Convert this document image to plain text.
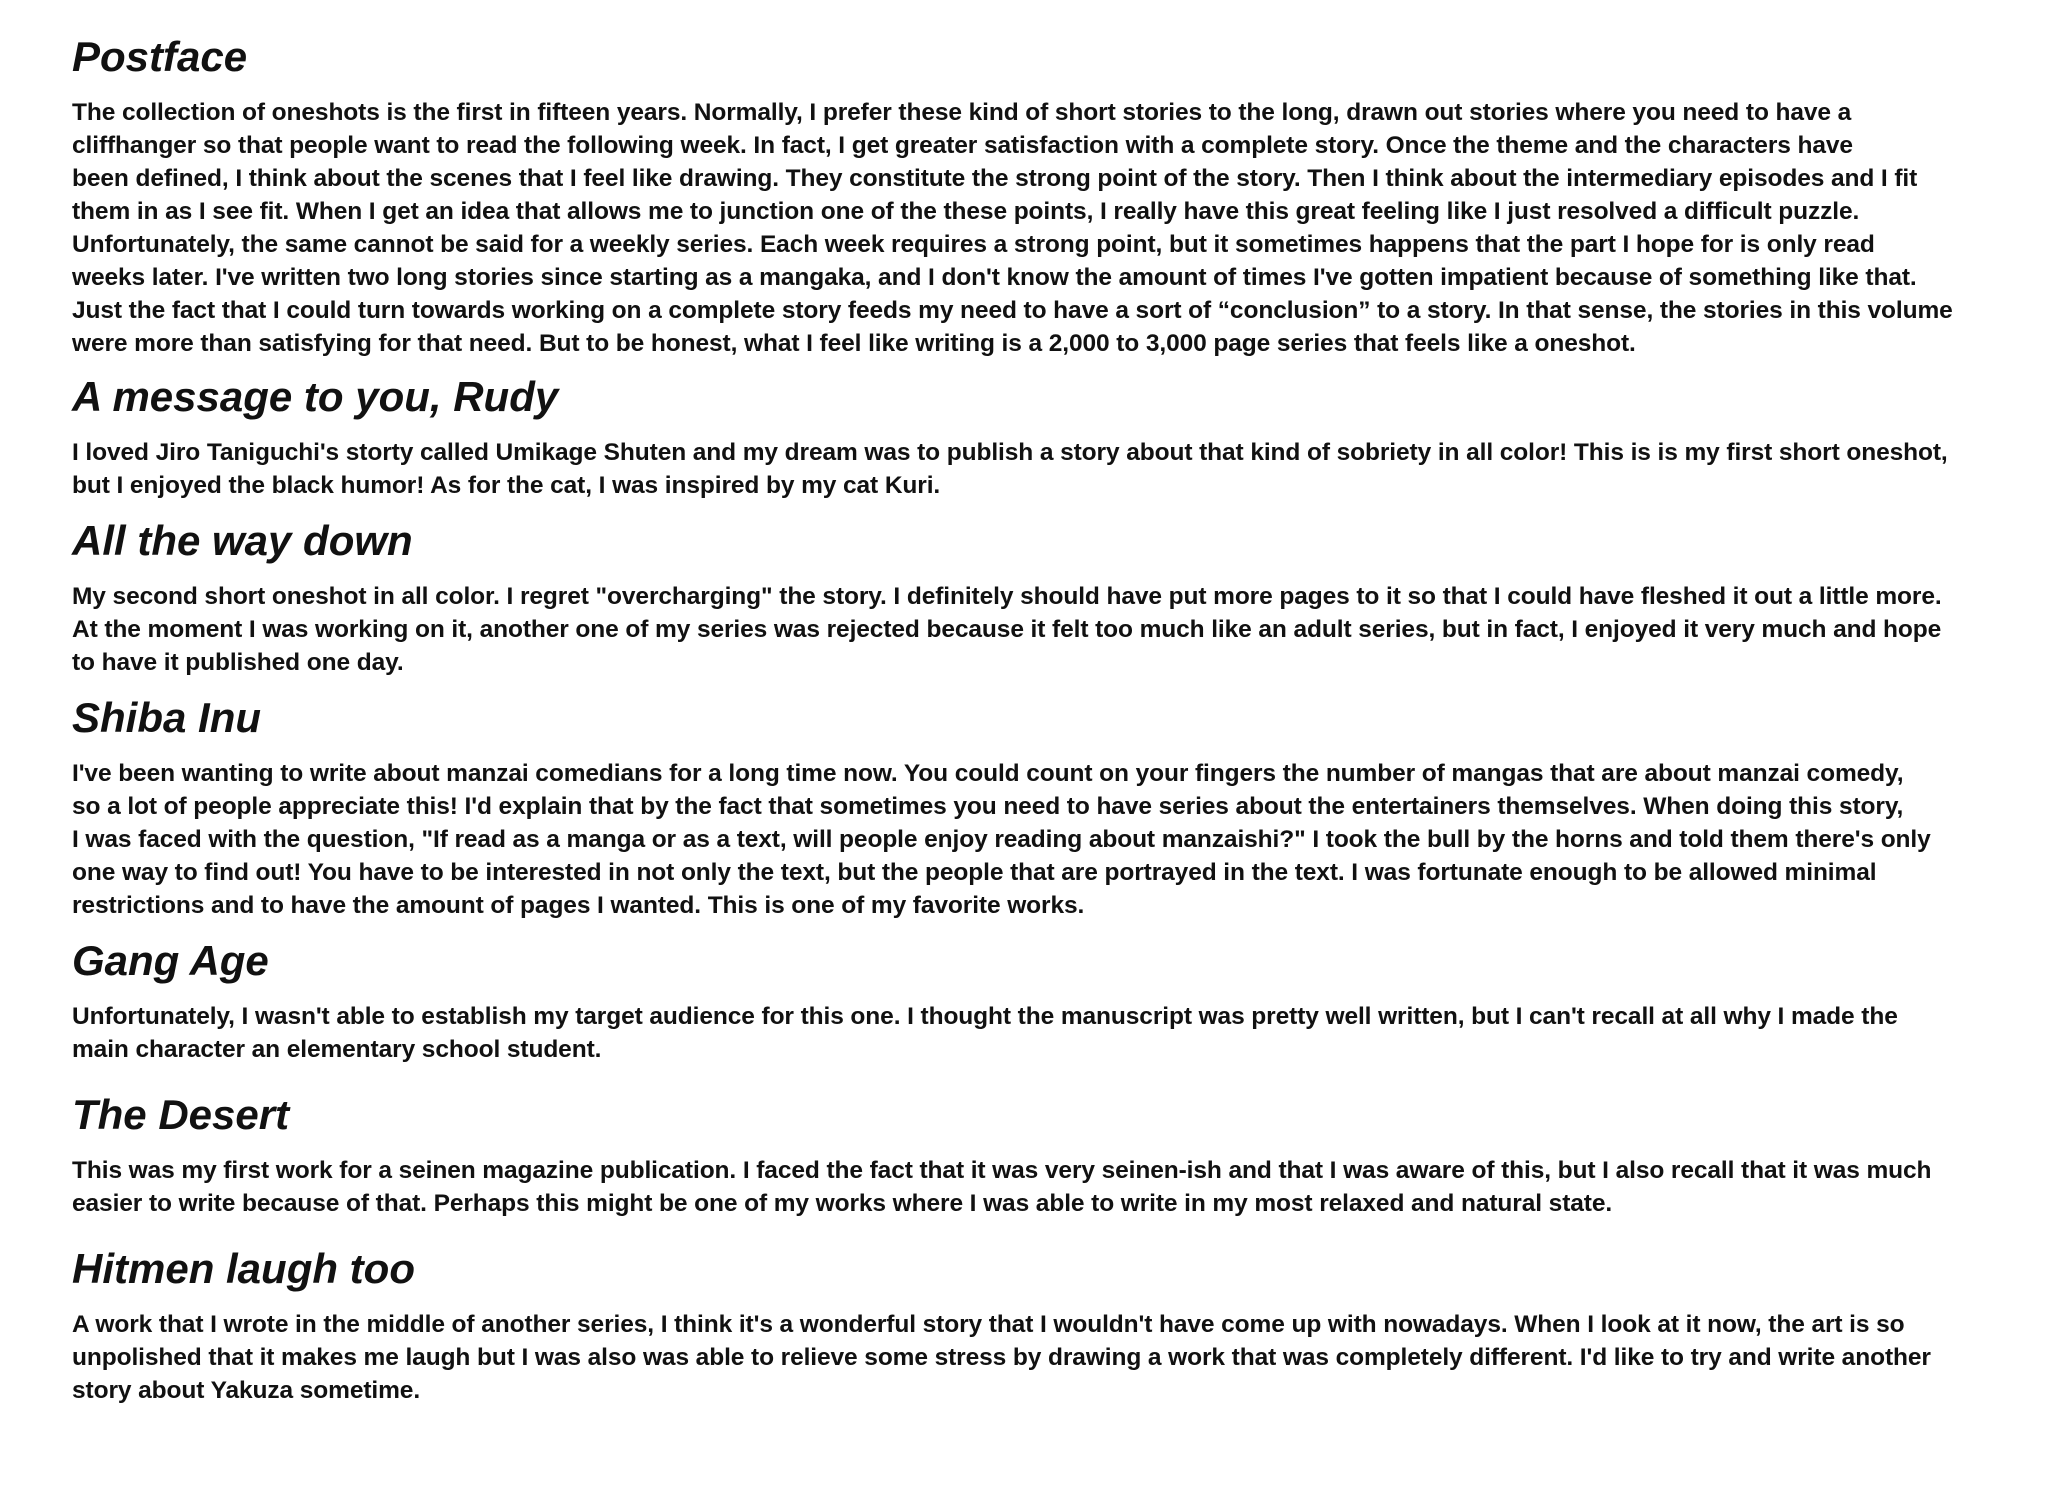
Postface

The collection of oneshots is the first in fifteen years. Normally, I prefer these kind of short stories to the long, drawn out stories where you need to have a
cliffhanger so that people want to read the following week. In fact, I get greater satisfaction with a complete story. Once the theme and the characters have
been defined, I think about the scenes that I feel like drawing. They constitute the strong point of the story. Then I think about the intermediary episodes and I fit
them in as I see fit. When I get an idea that allows me to junction one of the these points, I really have this great feeling like I just resolved a difficult puzzle.
Unfortunately, the same cannot be said for a weekly series. Each week requires a strong point, but it sometimes happens that the part I hope for is only read
weeks later. I've written two long stories since starting as a mangaka, and I don't know the amount of times I've gotten impatient because of something like that.
Just the fact that I could turn towards working on a complete story feeds my need to have a sort of “conclusion” to a story. In that sense, the stories in this volume
were more than satisfying for that need. But to be honest, what I feel like writing is a 2,000 to 3,000 page series that feels like a oneshot.

A message to you, Rudy

I loved Jiro Taniguchi's storty called Umikage Shuten and my dream was to publish a story about that kind of sobriety in all color! This is is my first short oneshot,
but I enjoyed the black humor! As for the cat, I was inspired by my cat Kuri.

All the way down

My second short oneshot in all color. I regret "overcharging" the story. I definitely should have put more pages to it so that I could have fleshed it out a little more.
At the moment I was working on it, another one of my series was rejected because it felt too much like an adult series, but in fact, I enjoyed it very much and hope
to have it published one day.

Shiba Inu

I've been wanting to write about manzai comedians for a long time now. You could count on your fingers the number of mangas that are about manzai comedy,
so a lot of people appreciate this! I'd explain that by the fact that sometimes you need to have series about the entertainers themselves. When doing this story,
I was faced with the question, "If read as a manga or as a text, will people enjoy reading about manzaishi?" I took the bull by the horns and told them there's only
one way to find out! You have to be interested in not only the text, but the people that are portrayed in the text. I was fortunate enough to be allowed minimal
restrictions and to have the amount of pages I wanted. This is one of my favorite works.

Gang Age

Unfortunately, I wasn't able to establish my target audience for this one. I thought the manuscript was pretty well written, but I can't recall at all why I made the
main character an elementary school student.

The Desert

This was my first work for a seinen magazine publication. I faced the fact that it was very seinen-ish and that I was aware of this, but I also recall that it was much
easier to write because of that. Perhaps this might be one of my works where I was able to write in my most relaxed and natural state.

Hitmen laugh too

A work that I wrote in the middle of another series, I think it's a wonderful story that I wouldn't have come up with nowadays. When I look at it now, the art is so
unpolished that it makes me laugh but I was also was able to relieve some stress by drawing a work that was completely different. I'd like to try and write another
story about Yakuza sometime.
